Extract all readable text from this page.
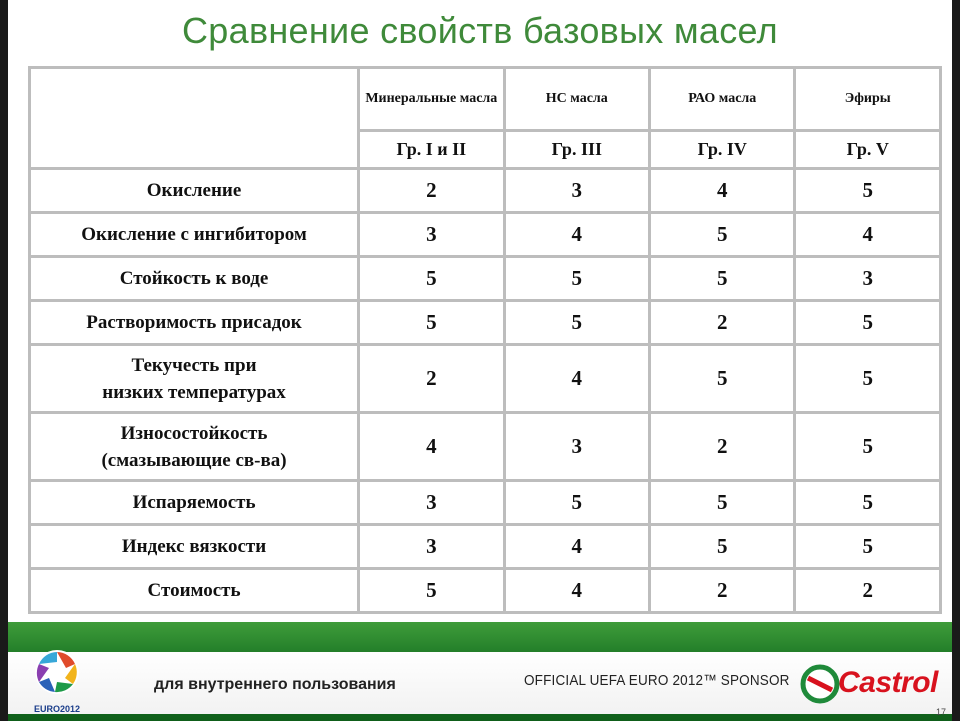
Сравнение свойств базовых масел
	Минеральные масла	НС масла	РАО масла	Эфиры
	Гр. I и II	Гр. III	Гр. IV	Гр. V
Окисление	2	3	4	5
Окисление с ингибитором	3	4	5	4
Стойкость к воде	5	5	5	3
Растворимость присадок	5	5	2	5
Текучесть при низких температурах	2	4	5	5
Износостойкость (смазывающие св-ва)	4	3	2	5
Испаряемость	3	5	5	5
Индекс вязкости	3	4	5	5
Стоимость	5	4	2	2
для внутреннего пользования	OFFICIAL UEFA EURO 2012™ SPONSOR
EURO2012
Castrol
17
